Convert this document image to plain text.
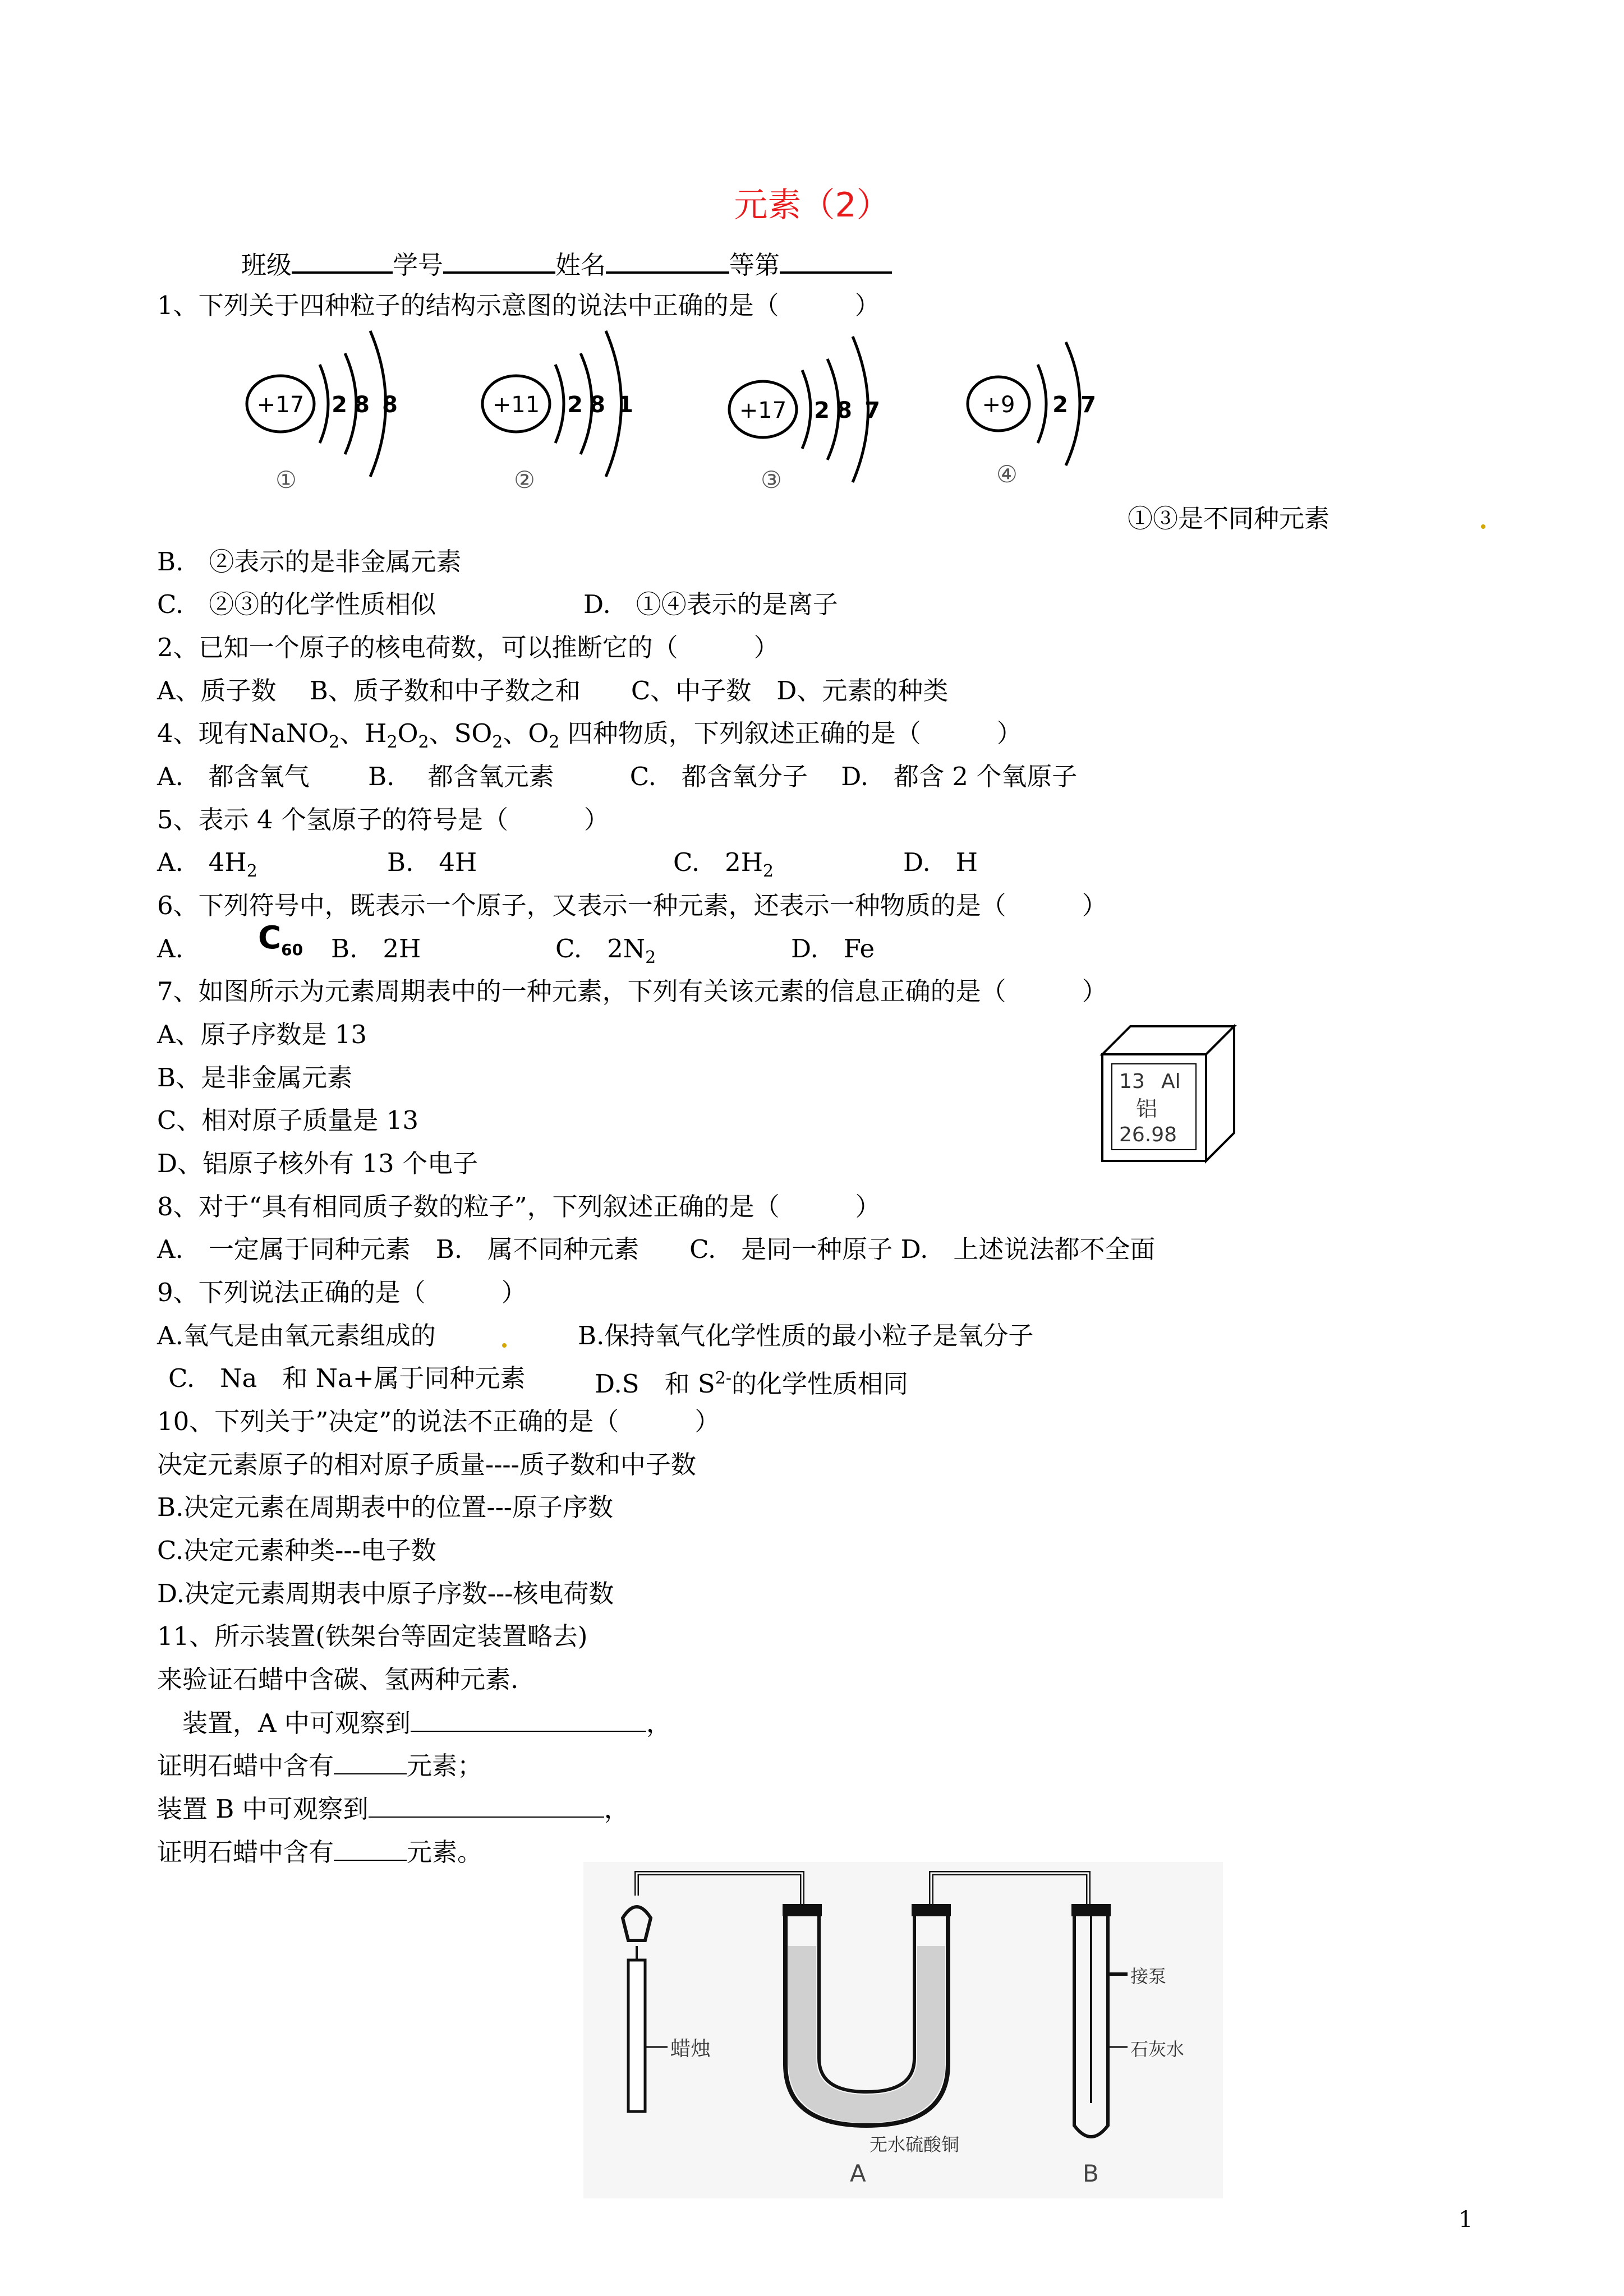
元素（2）
班级	学号	姓名	等第
1、下列关于四种粒子的结构示意图的说法中正确的是（　　　）
+17 2 8 8
①
+11 2 8 1
②
+17 2 8 7
③
+9 2 7
④
①③是不同种元素
B.　②表示的是非金属元素
C.　②③的化学性质相似	D.　①④表示的是离子
2、已知一个原子的核电荷数，可以推断它的（　　　）
A、质子数　 B、质子数和中子数之和　　C、中子数　D、元素的种类
4、现有NaNO$_2$、$H_2O_2$、$SO_2$、$O_2$ 四种物质，下列叙述正确的是（　　　）
A.　都含氧气　　 B.　 都含氧元素　　　C.　都含氧分子　 D.　都含 2 个氧原子
5、表示 4 个氢原子的符号是（　　　）
A.　$4H_2$	B.　4H	C.　$2H_2$	D.　H
6、下列符号中，既表示一个原子，又表示一种元素，还表示一种物质的是（　　　）
A. $C_{60}$ B.　2H	C.　$2N_2$	D.　Fe
7、如图所示为元素周期表中的一种元素，下列有关该元素的信息正确的是（　　　）
A、原子序数是 13
B、是非金属元素
C、相对原子质量是 13
D、铝原子核外有 13 个电子
13 Al
铝
26.98
8、对于“具有相同质子数的粒子”，下列叙述正确的是（　　　）
A.　一定属于同种元素　B.　属不同种元素　　C.　是同一种原子 D.　上述说法都不全面
9、下列说法正确的是（　　　）
A.氧气是由氧元素组成的	B.保持氧气化学性质的最小粒子是氧分子
C.　Na　和 Na+属于同种元素	D.S　和 $S^{2-}$的化学性质相同
10、下列关于”决定”的说法不正确的是（　　　）
决定元素原子的相对原子质量----质子数和中子数
B.决定元素在周期表中的位置---原子序数
C.决定元素种类---电子数
D.决定元素周期表中原子序数---核电荷数
11、所示装置(铁架台等固定装置略去)
来验证石蜡中含碳、氢两种元素.
　装置，A 中可观察到	，
证明石蜡中含有	元素；
装置 B 中可观察到	，
证明石蜡中含有	元素。
蜡烛
无水硫酸铜
A
接泵
石灰水
B
1
